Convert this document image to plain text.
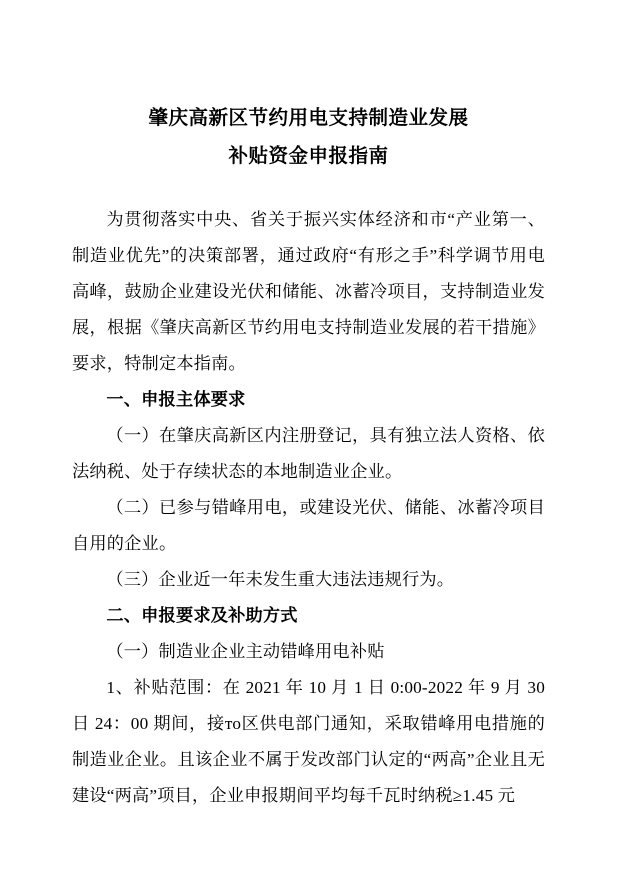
肇庆高新区节约用电支持制造业发展
补贴资金申报指南

为贯彻落实中央、省关于振兴实体经济和市“产业第一、制造业优先”的决策部署，通过政府“有形之手”科学调节用电高峰，鼓励企业建设光伏和储能、冰蓄冷项目，支持制造业发展，根据《肇庆高新区节约用电支持制造业发展的若干措施》要求，特制定本指南。

一、申报主体要求

（一）在肇庆高新区内注册登记，具有独立法人资格、依法纳税、处于存续状态的本地制造业企业。

（二）已参与错峰用电，或建设光伏、储能、冰蓄冷项目自用的企业。

（三）企业近一年未发生重大违法违规行为。

二、申报要求及补助方式

（一）制造业企业主动错峰用电补贴

1、补贴范围：在 2021 年 10 月 1 日 0:00-2022 年 9 月 30 日 24：00 期间，接то区供电部门通知，采取错峰用电措施的制造业企业。且该企业不属于发改部门认定的“两高”企业且无建设“两高”项目，企业申报期间平均每千瓦时纳税≥1.45 元
